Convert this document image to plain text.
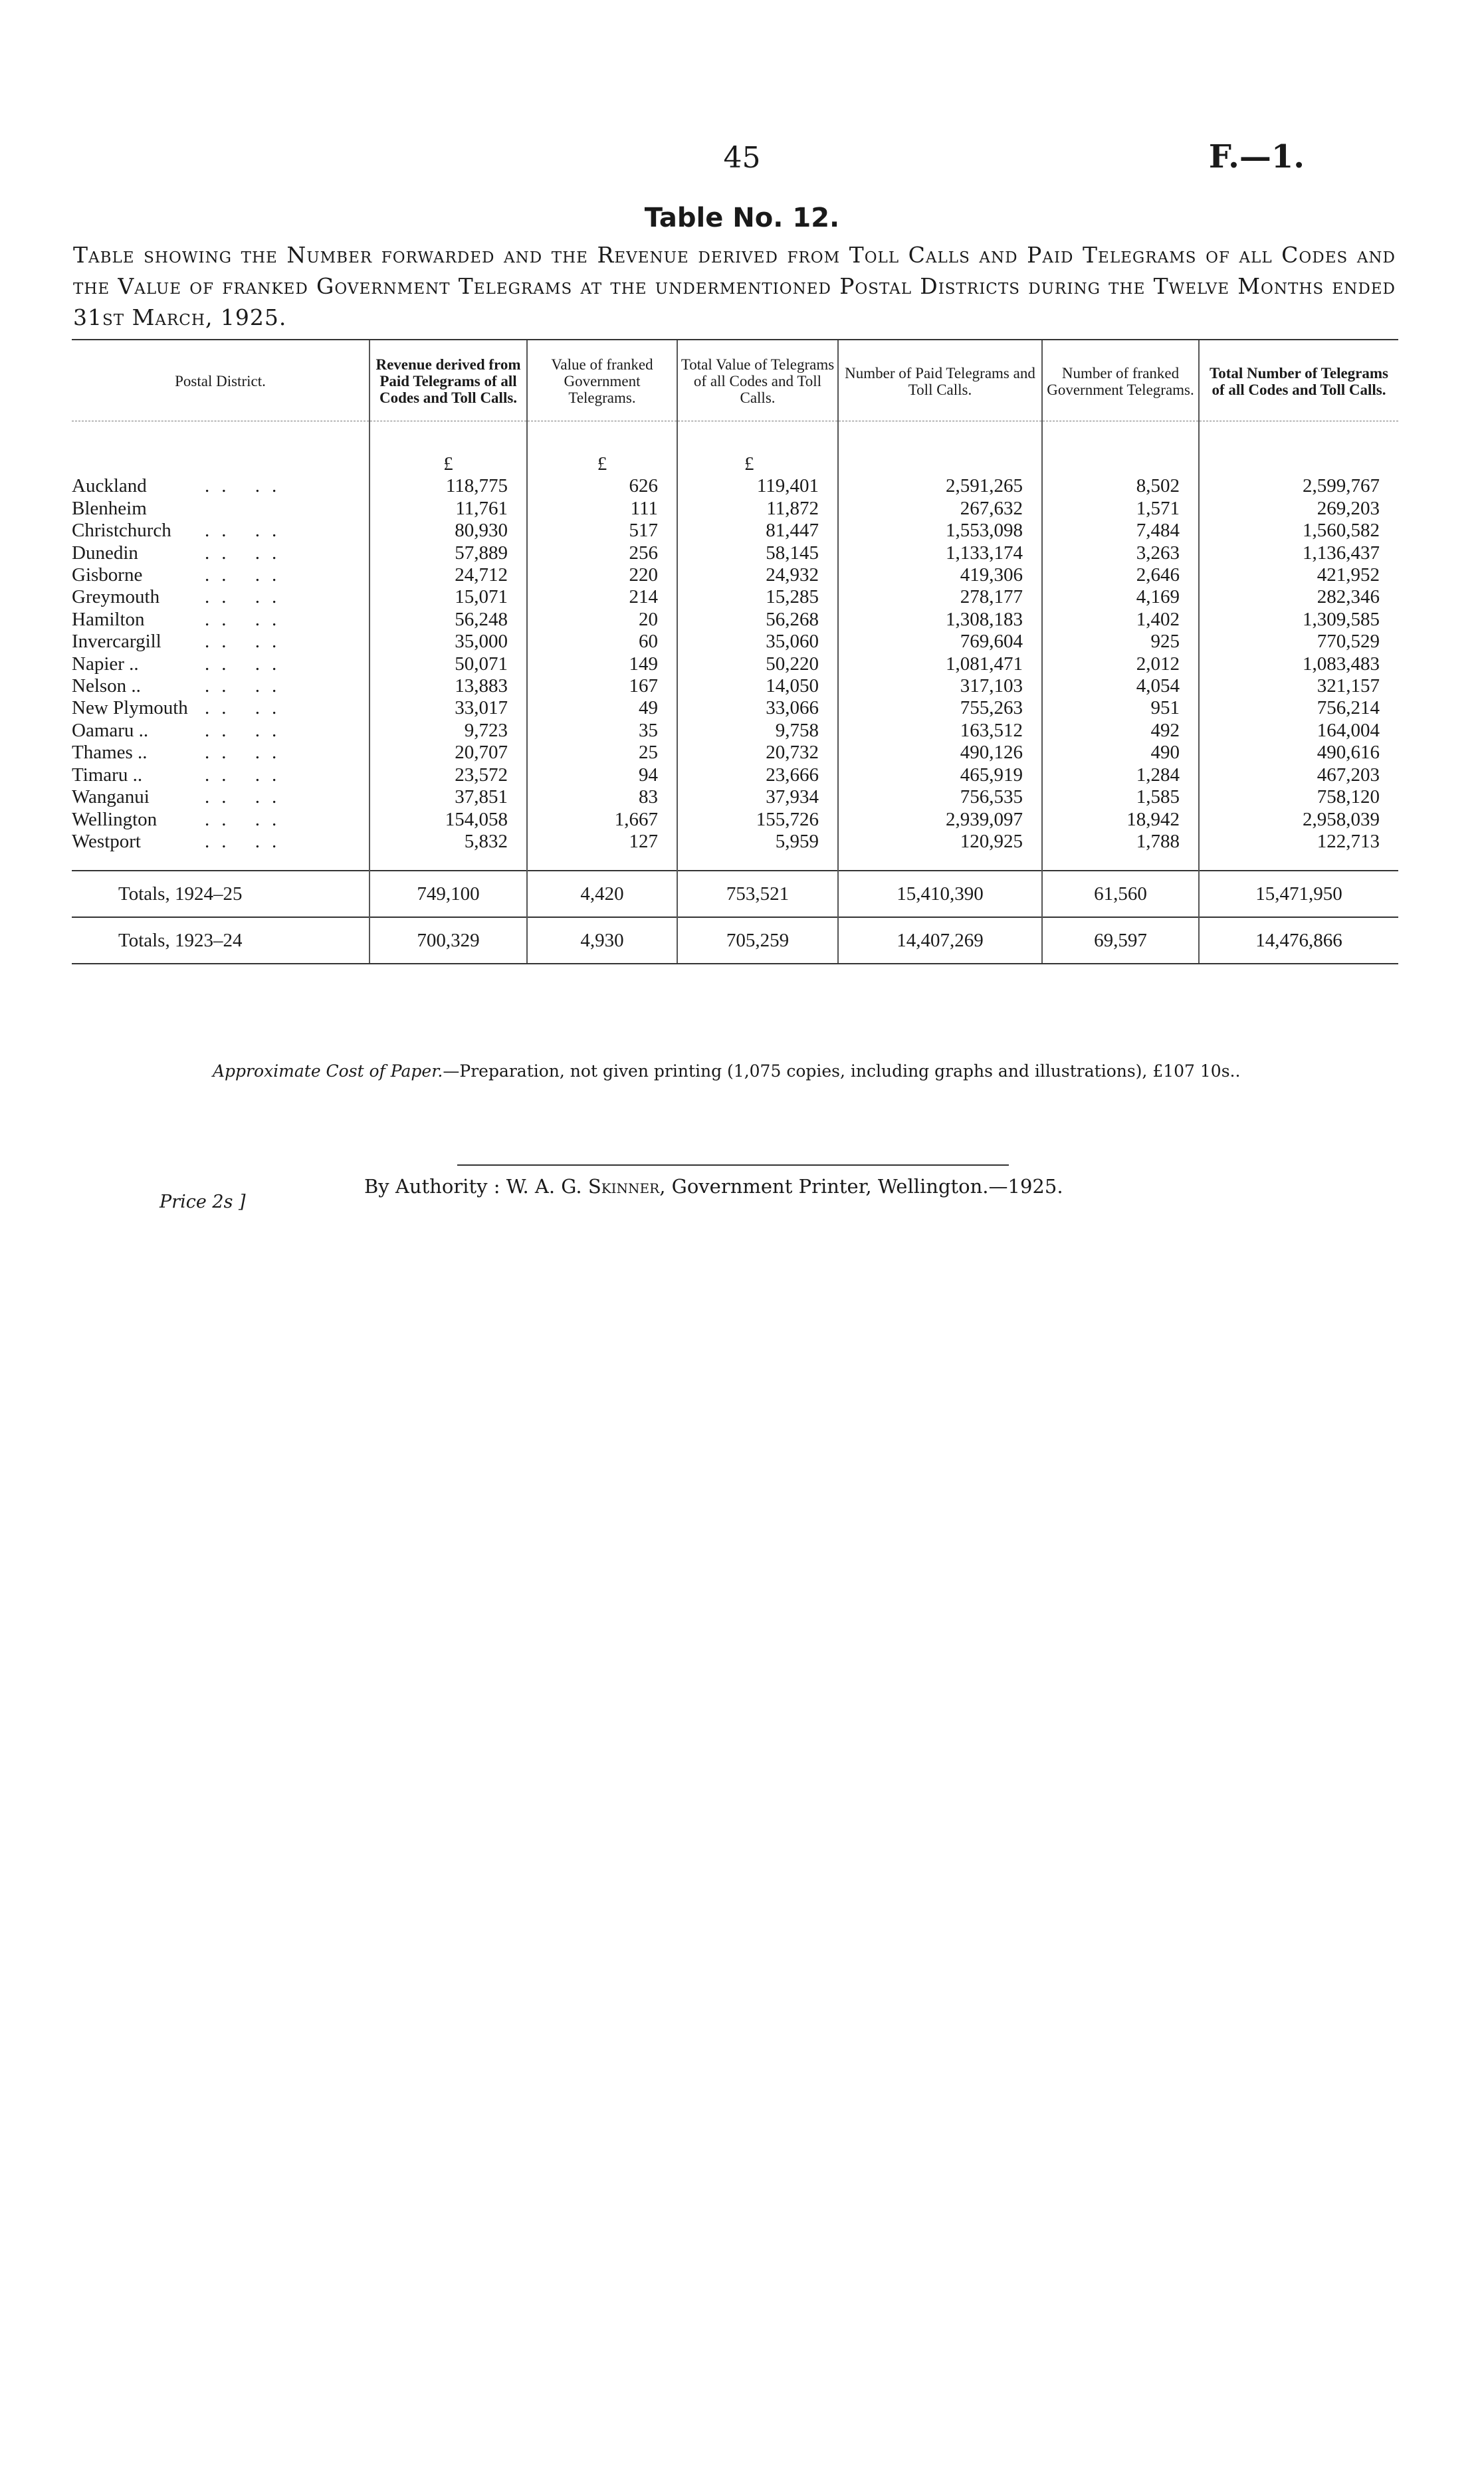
45	F.—1.
Table No. 12.
Table showing the Number forwarded and the Revenue derived from Toll Calls and Paid Telegrams of all Codes and the Value of franked Government Telegrams at the undermentioned Postal Districts during the Twelve Months ended 31st March, 1925.
Postal District.	Revenue derived from Paid Telegrams of all Codes and Toll Calls.	Value of franked Government Telegrams.	Total Value of Telegrams of all Codes and Toll Calls.	Number of Paid Telegrams and Toll Calls.	Number of franked Government Telegrams.	Total Number of Telegrams of all Codes and Toll Calls.

	£	£	£			
Auckland .. ..	118,775	626	119,401	2,591,265	8,502	2,599,767
Blenheim	11,761	111	11,872	267,632	1,571	269,203
Christchurch .. ..	80,930	517	81,447	1,553,098	7,484	1,560,582
Dunedin .. ..	57,889	256	58,145	1,133,174	3,263	1,136,437
Gisborne .. ..	24,712	220	24,932	419,306	2,646	421,952
Greymouth .. ..	15,071	214	15,285	278,177	4,169	282,346
Hamilton .. ..	56,248	20	56,268	1,308,183	1,402	1,309,585
Invercargill .. ..	35,000	60	35,060	769,604	925	770,529
Napier .. .. ..	50,071	149	50,220	1,081,471	2,012	1,083,483
Nelson .. .. ..	13,883	167	14,050	317,103	4,054	321,157
New Plymouth .. ..	33,017	49	33,066	755,263	951	756,214
Oamaru .. .. ..	9,723	35	9,758	163,512	492	164,004
Thames .. .. ..	20,707	25	20,732	490,126	490	490,616
Timaru .. .. ..	23,572	94	23,666	465,919	1,284	467,203
Wanganui .. ..	37,851	83	37,934	756,535	1,585	758,120
Wellington .. ..	154,058	1,667	155,726	2,939,097	18,942	2,958,039
Westport .. ..	5,832	127	5,959	120,925	1,788	122,713

Totals, 1924–25	749,100	4,420	753,521	15,410,390	61,560	15,471,950
Totals, 1923–24	700,329	4,930	705,259	14,407,269	69,597	14,476,866
Approximate Cost of Paper.—Preparation, not given printing (1,075 copies, including graphs and illustrations), £107 10s..
By Authority : W. A. G. Skinner, Government Printer, Wellington.—1925.
Price 2s ]
